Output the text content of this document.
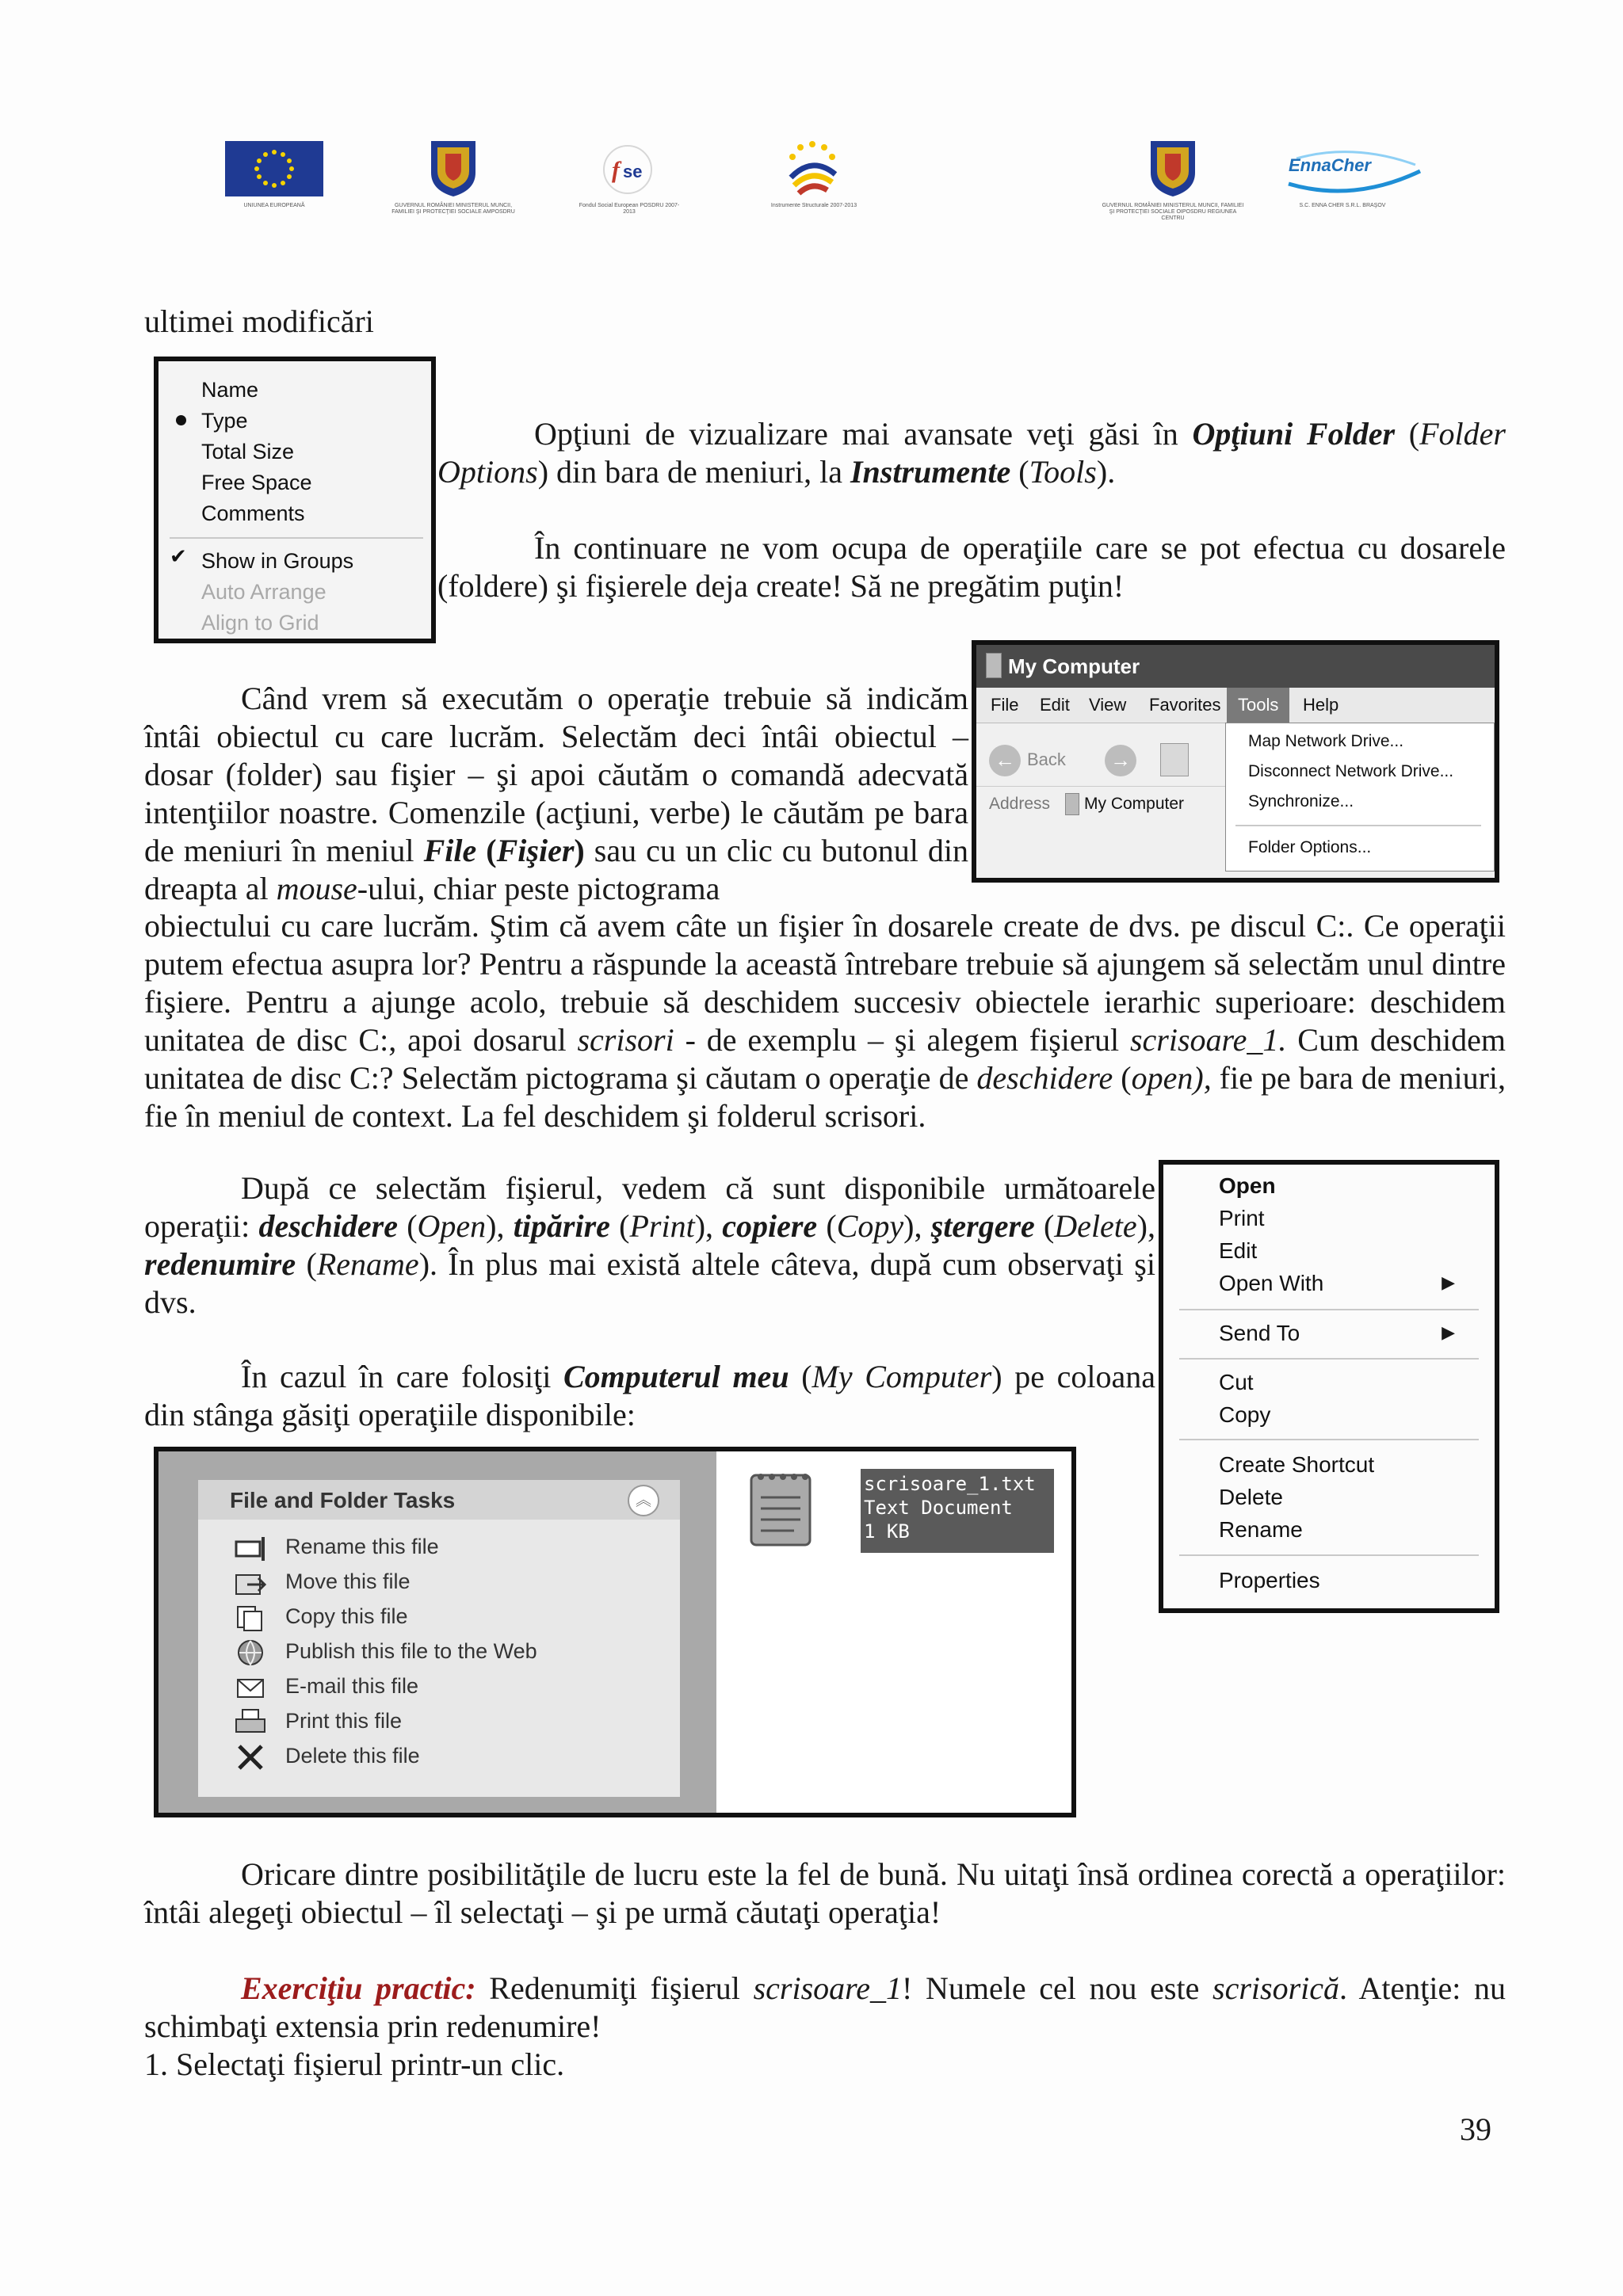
UNIUNEA EUROPEANĂ	GUVERNUL ROMÂNIEI MINISTERUL MUNCII, FAMILIEI ŞI PROTECŢIEI SOCIALE AMPOSDRU
f se
Fondul Social European POSDRU 2007-2013
Instrumente Structurale 2007-2013	GUVERNUL ROMÂNIEI MINISTERUL MUNCII, FAMILIEI ŞI PROTECŢIEI SOCIALE OIPOSDRU REGIUNEA CENTRU
EnnaCher
S.C. ENNA CHER S.R.L. BRAŞOV
ultimei modificări
Name
Type
Total Size
Free Space
Comments
✔ Show in Groups
Auto Arrange
Align to Grid

Opţiuni de vizualizare mai avansate veţi găsi în Opţiuni Folder (Folder Options) din bara de meniuri, la Instrumente (Tools).

În continuare ne vom ocupa de operaţiile care se pot efectua cu dosarele (foldere) şi fişierele deja create! Să ne pregătim puţin!

My Computer
File Edit View Favorites Tools	Help
← Back →
Address My Computer
Map Network Drive...
Disconnect Network Drive...
Synchronize...
Folder Options...

Când vrem să executăm o operaţie trebuie să indicăm întâi obiectul cu care lucrăm. Selectăm deci întâi obiectul – dosar (folder) sau fişier – şi apoi căutăm o comandă adecvată intenţiilor noastre. Comenzile (acţiuni, verbe) le căutăm pe bara de meniuri în meniul File (Fişier) sau cu un clic cu butonul din dreapta al mouse-ului, chiar peste pictograma

obiectului cu care lucrăm. Ştim că avem câte un fişier în dosarele create de dvs. pe discul C:. Ce operaţii putem efectua asupra lor? Pentru a răspunde la această întrebare trebuie să ajungem să selectăm unul dintre fişiere. Pentru a ajunge acolo, trebuie să deschidem succesiv obiectele ierarhic superioare: deschidem unitatea de disc C:, apoi dosarul scrisori - de exemplu – şi alegem fişierul scrisoare_1. Cum deschidem unitatea de disc C:? Selectăm pictograma şi căutam o operaţie de deschidere (open), fie pe bara de meniuri, fie în meniul de context. La fel deschidem şi folderul scrisori.

Open
Print
Edit
Open With	▶
Send To	▶
Cut
Copy
Create Shortcut
Delete
Rename
Properties

După ce selectăm fişierul, vedem că sunt disponibile următoarele operaţii: deschidere (Open), tipărire (Print), copiere (Copy), ştergere (Delete), redenumire (Rename). În plus mai există altele câteva, după cum observaţi şi dvs.

În cazul în care folosiţi Computerul meu (My Computer) pe coloana din stânga găsiţi operaţiile disponibile:

File and Folder Tasks	︽
Rename this file
Move this file
Copy this file
Publish this file to the Web
E-mail this file
Print this file
Delete this file
scrisoare_1.txt
Text Document
1 KB

Oricare dintre posibilităţile de lucru este la fel de bună. Nu uitaţi însă ordinea corectă a operaţiilor: întâi alegeţi obiectul – îl selectaţi – şi pe urmă căutaţi operaţia!

Exerciţiu practic: Redenumiţi fişierul scrisoare_1! Numele cel nou este scrisorică. Atenţie: nu schimbaţi extensia prin redenumire!

1. Selectaţi fişierul printr-un clic.

39
